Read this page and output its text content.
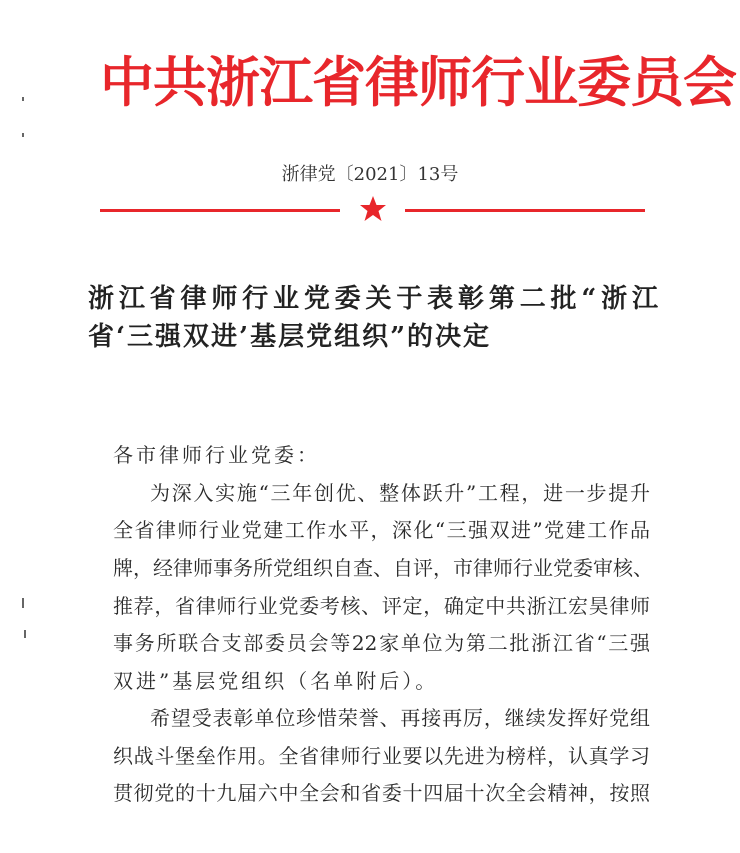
中共浙江省律师行业委员会
浙律党〔2021〕13号
浙江省律师行业党委关于表彰第二批“浙江
省‘三强双进’基层党组织”的决定
各市律师行业党委：
为深入实施“三年创优、整体跃升”工程，进一步提升
全省律师行业党建工作水平，深化“三强双进”党建工作品
牌，经律师事务所党组织自查、自评，市律师行业党委审核、
推荐，省律师行业党委考核、评定，确定中共浙江宏昊律师
事务所联合支部委员会等22家单位为第二批浙江省“三强
双进”基层党组织（名单附后）。
希望受表彰单位珍惜荣誉、再接再厉，继续发挥好党组
织战斗堡垒作用。全省律师行业要以先进为榜样，认真学习
贯彻党的十九届六中全会和省委十四届十次全会精神，按照
